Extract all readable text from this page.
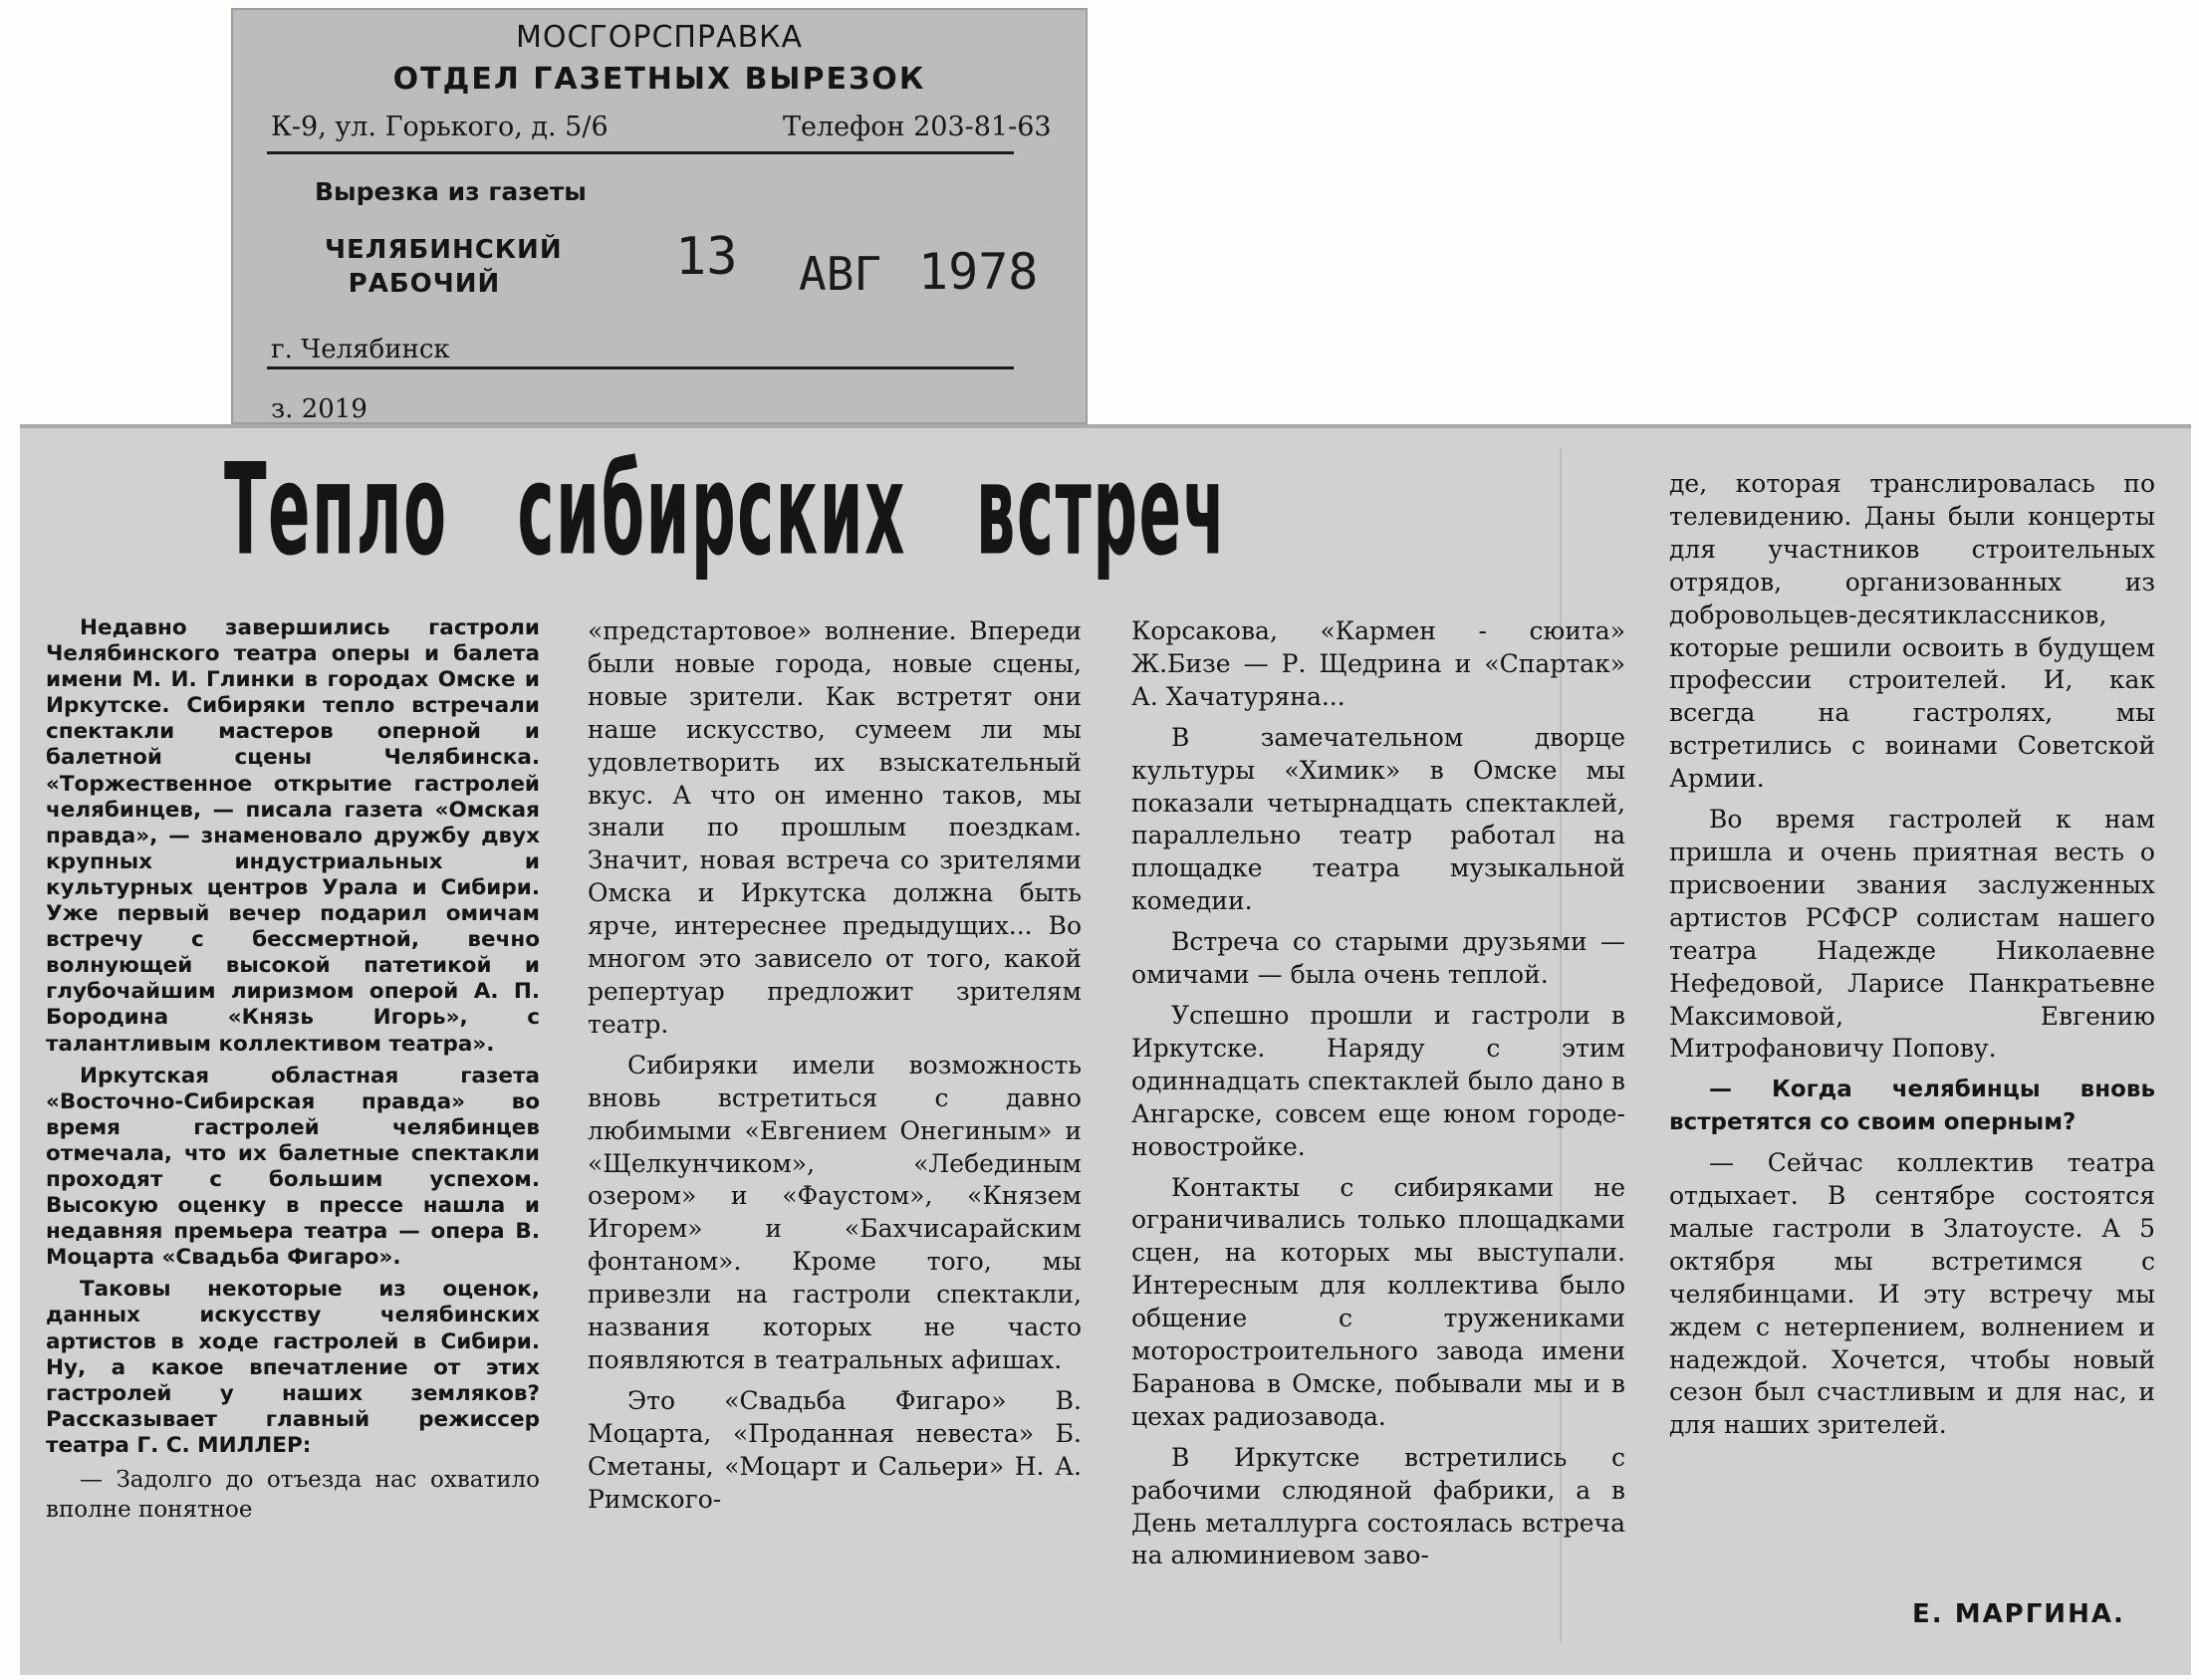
МОСГОРСПРАВКА
ОТДЕЛ ГАЗЕТНЫХ ВЫРЕЗОК
К-9, ул. Горького, д. 5/6	Телефон 203-81-63
Вырезка из газеты
ЧЕЛЯБИНСКИЙ
РАБОЧИЙ	13 АВГ 1978
г. Челябинск
з. 2019
Тепло   сибирских   встреч

Недавно завершились гастроли Челябинского театра оперы и балета имени М. И. Глинки в городах Омске и Иркутске. Сибиряки тепло встречали спектакли мастеров оперной и балетной сцены Челябинска. «Торжественное открытие гастролей челябинцев, — писала газета «Омская правда», — знаменовало дружбу двух крупных индустриальных и культурных центров Урала и Сибири. Уже первый вечер подарил омичам встречу с бессмертной, вечно волнующей высокой патетикой и глубочайшим лиризмом оперой А. П. Бородина «Князь Игорь», с талантливым коллективом театра».

Иркутская областная газета «Восточно-Сибирская правда» во время гастролей челябинцев отмечала, что их балетные спектакли проходят с большим успехом. Высокую оценку в прессе нашла и недавняя премьера театра — опера В. Моцарта «Свадьба Фигаро».

Таковы некоторые из оценок, данных искусству челябинских артистов в ходе гастролей в Сибири. Ну, а какое впечатление от этих гастролей у наших земляков? Рассказывает главный режиссер театра Г. С. МИЛЛЕР:

— Задолго до отъезда нас охватило вполне понятное

«предстартовое» волнение. Впереди были новые города, новые сцены, новые зрители. Как встретят они наше искусство, сумеем ли мы удовлетворить их взыскательный вкус. А что он именно таков, мы знали по прошлым поездкам. Значит, новая встреча со зрителями Омска и Иркутска должна быть ярче, интереснее предыдущих... Во многом это зависело от того, какой репертуар предложит зрителям театр.

Сибиряки имели возможность вновь встретиться с давно любимыми «Евгением Онегиным» и «Щелкунчиком», «Лебединым озером» и «Фаустом», «Князем Игорем» и «Бахчисарайским фонтаном». Кроме того, мы привезли на гастроли спектакли, названия которых не часто появляются в театральных афишах.

Это «Свадьба Фигаро» В. Моцарта, «Проданная невеста» Б. Сметаны, «Моцарт и Сальери» Н. А. Римского-

Корсакова, «Кармен - сюита» Ж.Бизе — Р. Щедрина и «Спартак» А. Хачатуряна...

В замечательном дворце культуры «Химик» в Омске мы показали четырнадцать спектаклей, параллельно театр работал на площадке театра музыкальной комедии.

Встреча со старыми друзьями — омичами — была очень теплой.

Успешно прошли и гастроли в Иркутске. Наряду с этим одиннадцать спектаклей было дано в Ангарске, совсем еще юном городе-новостройке.

Контакты с сибиряками не ограничивались только площадками сцен, на которых мы выступали. Интересным для коллектива было общение с тружениками моторостроительного завода имени Баранова в Омске, побывали мы и в цехах радиозавода.

В Иркутске встретились с рабочими слюдяной фабрики, а в День металлурга состоялась встреча на алюминиевом заво-

де, которая транслировалась по телевидению. Даны были концерты для участников строительных отрядов, организованных из добровольцев-десятиклассников, которые решили освоить в будущем профессии строителей. И, как всегда на гастролях, мы встретились с воинами Советской Армии.

Во время гастролей к нам пришла и очень приятная весть о присвоении звания заслуженных артистов РСФСР солистам нашего театра Надежде Николаевне Нефедовой, Ларисе Панкратьевне Максимовой, Евгению Митрофановичу Попову.

— Когда челябинцы вновь встретятся со своим оперным?

— Сейчас коллектив театра отдыхает. В сентябре состоятся малые гастроли в Златоусте. А 5 октября мы встретимся с челябинцами. И эту встречу мы ждем с нетерпением, волнением и надеждой. Хочется, чтобы новый сезон был счастливым и для нас, и для наших зрителей.

Е. МАРГИНА.
